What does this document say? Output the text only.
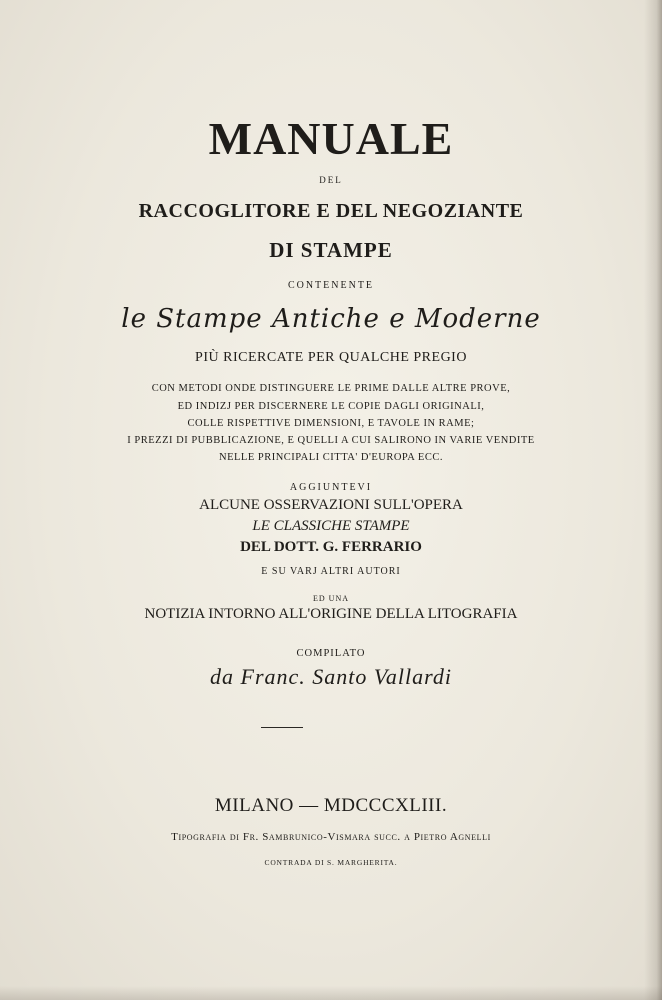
MANUALE

DEL

RACCOGLITORE E DEL NEGOZIANTE

DI STAMPE

CONTENENTE

le Stampe Antiche e Moderne

PIÙ RICERCATE PER QUALCHE PREGIO

CON METODI ONDE DISTINGUERE LE PRIME DALLE ALTRE PROVE,

ED INDIZJ PER DISCERNERE LE COPIE DAGLI ORIGINALI,

COLLE RISPETTIVE DIMENSIONI, E TAVOLE IN RAME;

I PREZZI DI PUBBLICAZIONE, E QUELLI A CUI SALIRONO IN VARIE VENDITE

NELLE PRINCIPALI CITTA' D'EUROPA ECC.

AGGIUNTEVI

ALCUNE OSSERVAZIONI SULL'OPERA

LE CLASSICHE STAMPE

DEL DOTT. G. FERRARIO

E SU VARJ ALTRI AUTORI

ED UNA

NOTIZIA INTORNO ALL'ORIGINE DELLA LITOGRAFIA

COMPILATO

da Franc. Santo Vallardi

MILANO — MDCCCXLIII.

Tipografia di Fr. Sambrunico-Vismara succ. a Pietro Agnelli

CONTRADA DI S. MARGHERITA.
